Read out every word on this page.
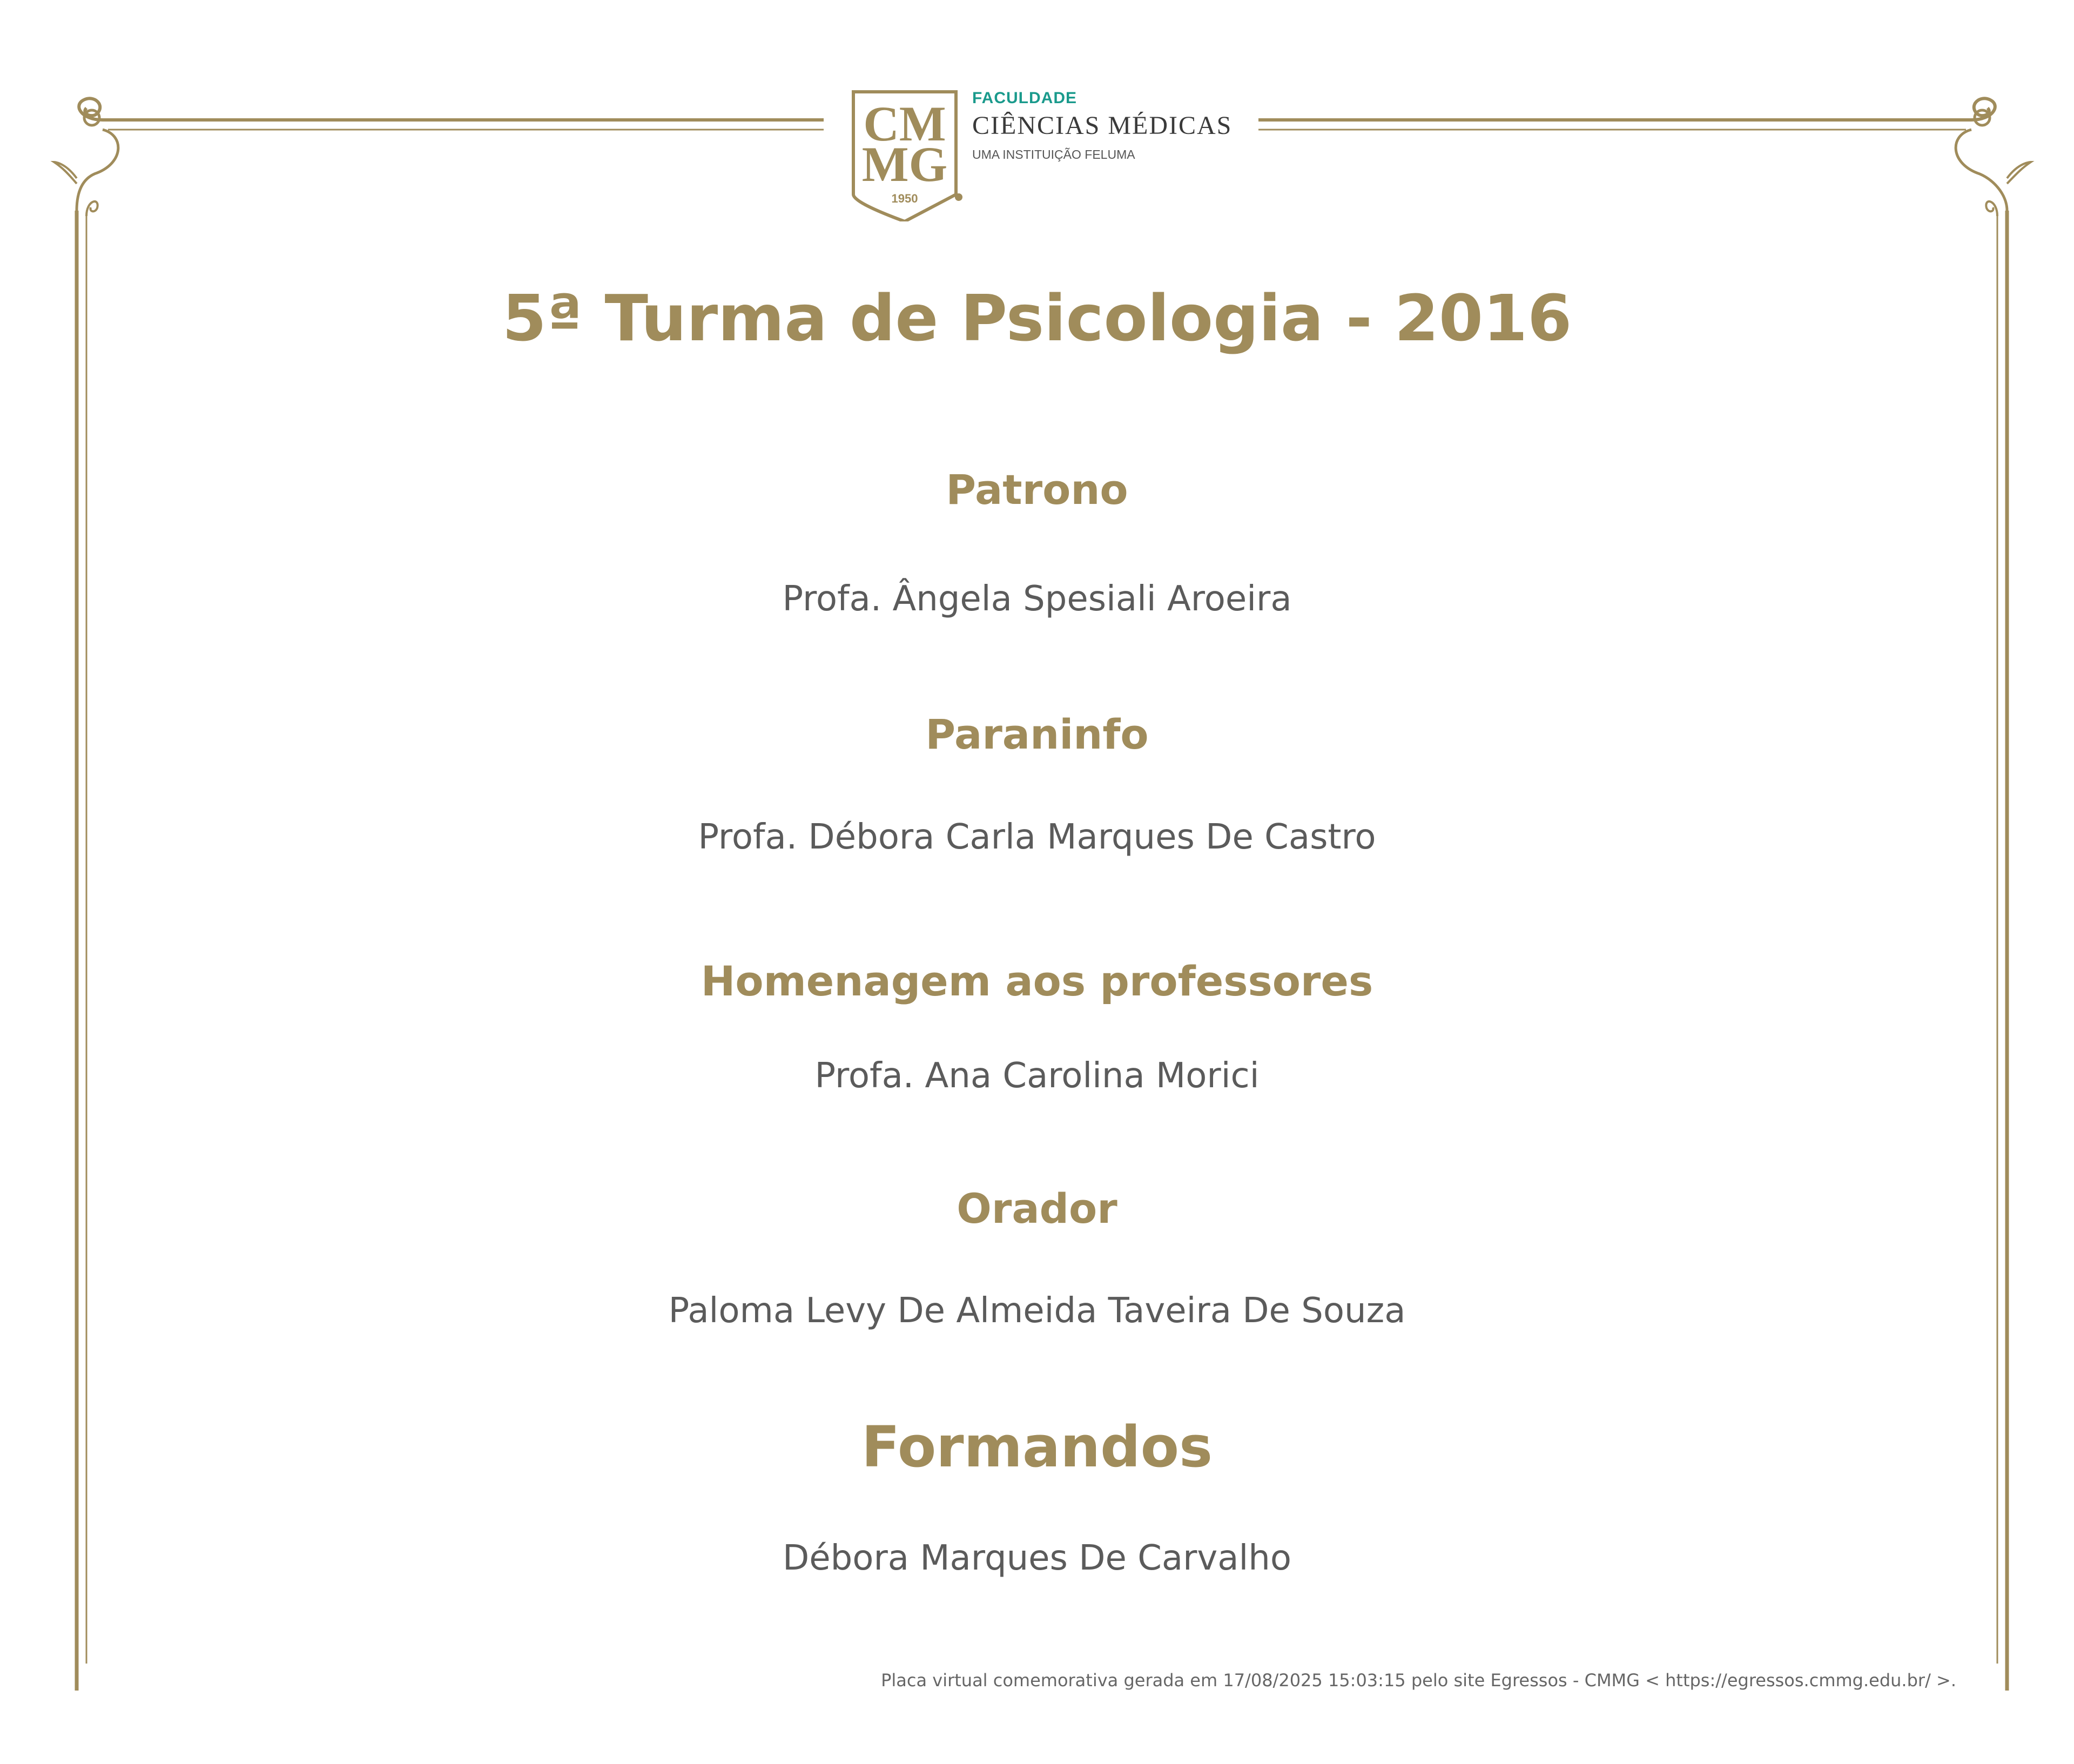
CM
MG
1950
FACULDADE
CIÊNCIAS MÉDICAS
UMA INSTITUIÇÃO FELUMA
5ª Turma de Psicologia - 2016
Patrono
Profa. Ângela Spesiali Aroeira
Paraninfo
Profa. Débora Carla Marques De Castro
Homenagem aos professores
Profa. Ana Carolina Morici
Orador
Paloma Levy De Almeida Taveira De Souza
Formandos
Débora Marques De Carvalho
Placa virtual comemorativa gerada em 17/08/2025 15:03:15 pelo site Egressos - CMMG < https://egressos.cmmg.edu.br/ >.
